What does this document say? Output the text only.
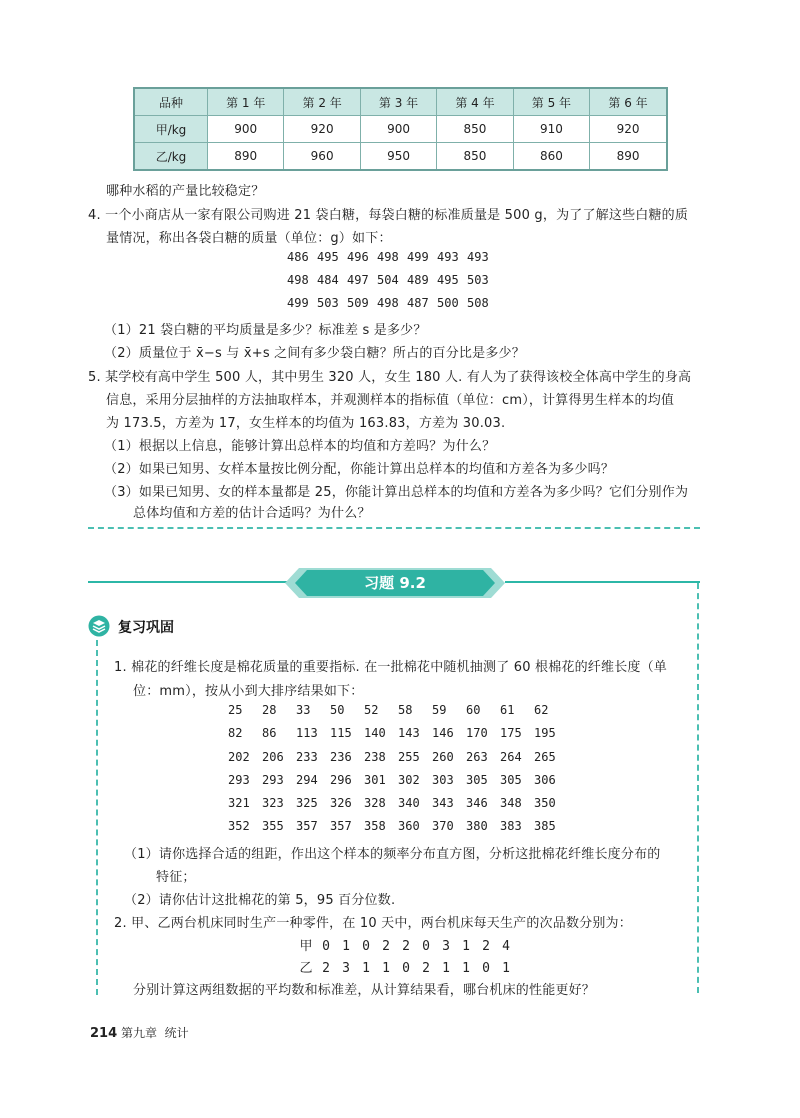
品种	第 1 年	第 2 年	第 3 年	第 4 年	第 5 年	第 6 年
甲/kg	900	920	900	850	910	920
乙/kg	890	960	950	850	860	890
哪种水稻的产量比较稳定？
4. 一个小商店从一家有限公司购进 21 袋白糖，每袋白糖的标准质量是 500 g，为了了解这些白糖的质
量情况，称出各袋白糖的质量（单位：g）如下：
486 495 496 498 499 493 493
498 484 497 504 489 495 503
499 503 509 498 487 500 508
（1）21 袋白糖的平均质量是多少？标准差 s 是多少？
（2）质量位于 x̄−s 与 x̄+s 之间有多少袋白糖？所占的百分比是多少？
5. 某学校有高中学生 500 人，其中男生 320 人，女生 180 人. 有人为了获得该校全体高中学生的身高
信息，采用分层抽样的方法抽取样本，并观测样本的指标值（单位：cm），计算得男生样本的均值
为 173.5，方差为 17，女生样本的均值为 163.83，方差为 30.03.
（1）根据以上信息，能够计算出总样本的均值和方差吗？为什么？
（2）如果已知男、女样本量按比例分配，你能计算出总样本的均值和方差各为多少吗？
（3）如果已知男、女的样本量都是 25，你能计算出总样本的均值和方差各为多少吗？它们分别作为
总体均值和方差的估计合适吗？为什么？
习题 9.2
复习巩固
1. 棉花的纤维长度是棉花质量的重要指标. 在一批棉花中随机抽测了 60 根棉花的纤维长度（单
位：mm），按从小到大排序结果如下：
25 28 33 50 52 58 59 60 61 62
82 86 113 115 140 143 146 170 175 195
202 206 233 236 238 255 260 263 264 265
293 293 294 296 301 302 303 305 305 306
321 323 325 326 328 340 343 346 348 350
352 355 357 357 358 360 370 380 383 385
（1）请你选择合适的组距，作出这个样本的频率分布直方图，分析这批棉花纤维长度分布的
特征；
（2）请你估计这批棉花的第 5，95 百分位数.
2. 甲、乙两台机床同时生产一种零件，在 10 天中，两台机床每天生产的次品数分别为：
甲 0 1 0 2 2 0 3 1 2 4
乙 2 3 1 1 0 2 1 1 0 1
分别计算这两组数据的平均数和标准差，从计算结果看，哪台机床的性能更好？
214 第九章 统计
